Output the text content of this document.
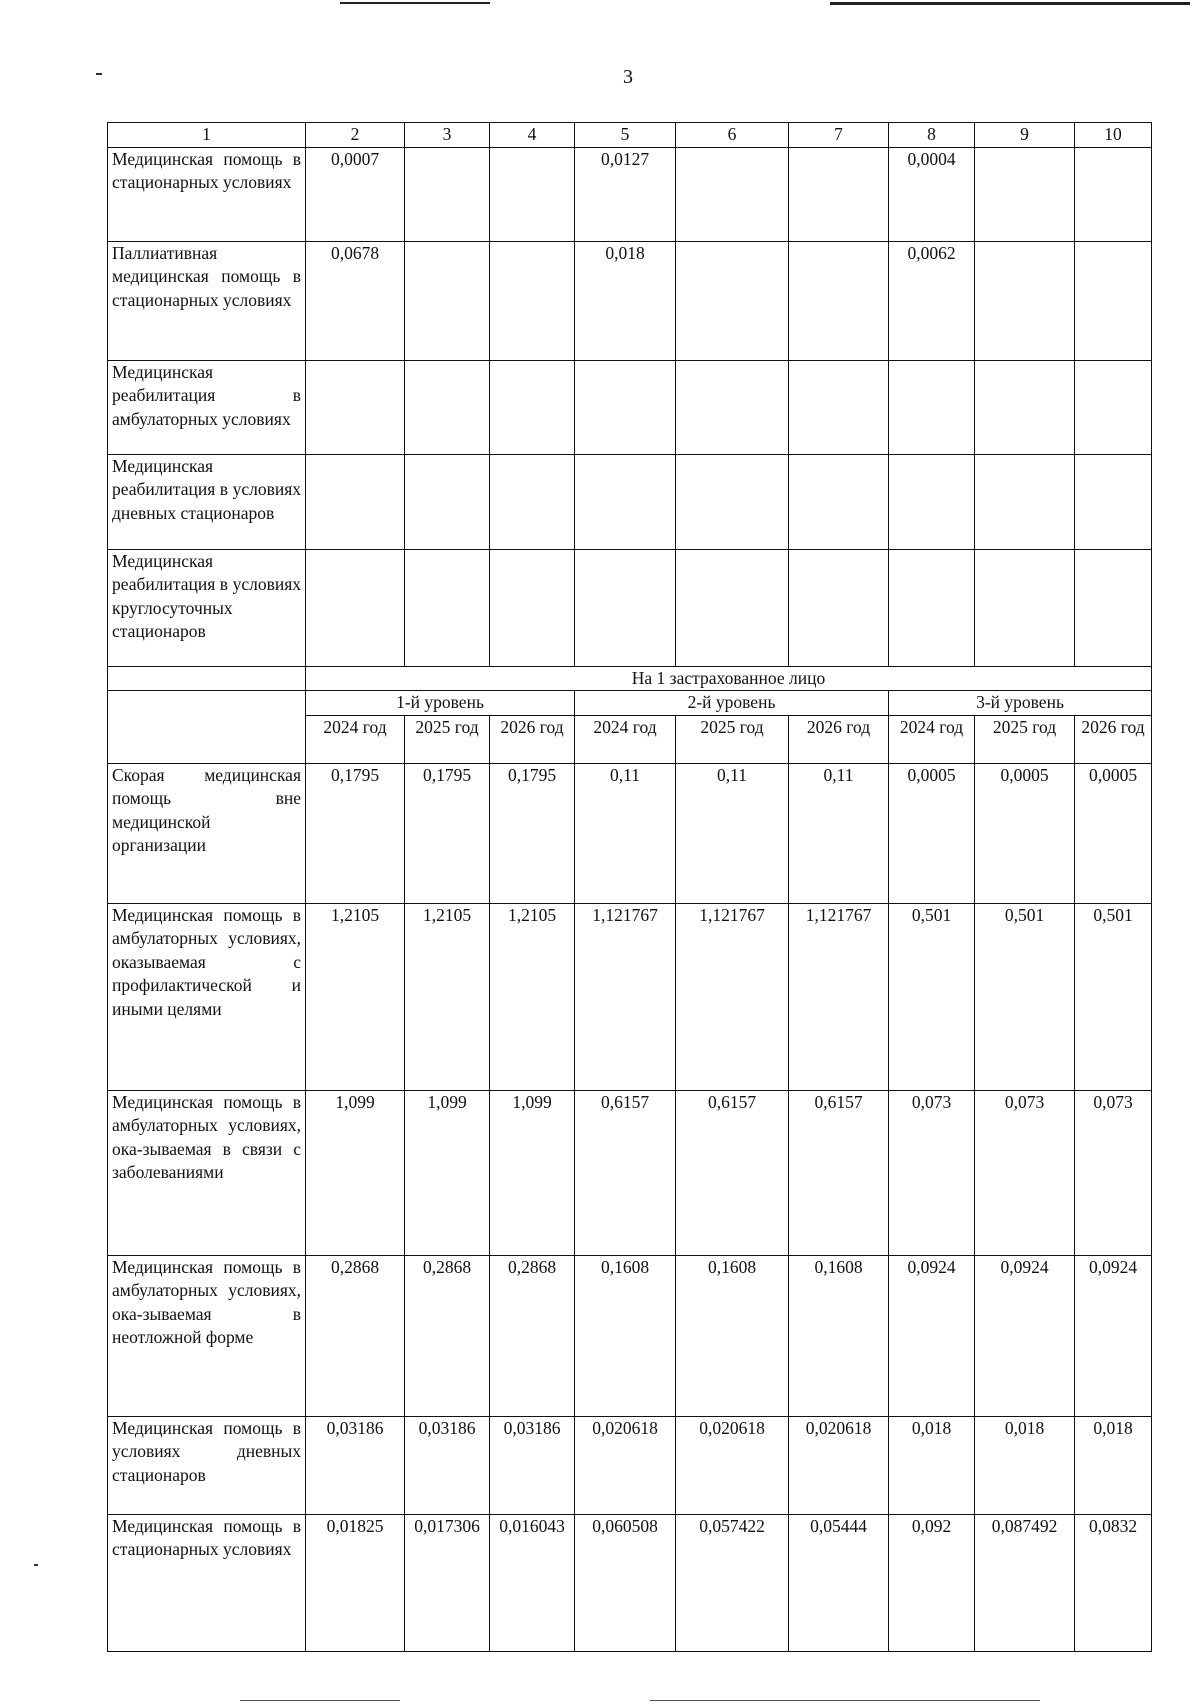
3
1	2	3	4	5	6	7	8	9	10
Медицинская помощь в стационарных условиях	0,0007			0,0127			0,0004		
Паллиативная медицинская помощь в стационарных условиях	0,0678			0,018			0,0062		
Медицинская реабилитация в амбулаторных условиях									
Медицинская реабилитация в условиях дневных стационаров									
Медицинская реабилитация в условиях круглосуточных стационаров									
	На 1 застрахованное лицо								
	1-й уровень			2-й уровень			3-й уровень		
	2024 год	2025 год	2026 год	2024 год	2025 год	2026 год	2024 год	2025 год	2026 год
Скорая медицинская помощь вне медицинской организации	0,1795	0,1795	0,1795	0,11	0,11	0,11	0,0005	0,0005	0,0005
Медицинская помощь в амбулаторных условиях, оказываемая с профилактической и иными целями	1,2105	1,2105	1,2105	1,121767	1,121767	1,121767	0,501	0,501	0,501
Медицинская помощь в амбулаторных условиях, ока-зываемая в связи с заболеваниями	1,099	1,099	1,099	0,6157	0,6157	0,6157	0,073	0,073	0,073
Медицинская помощь в амбулаторных условиях, ока-зываемая в неотложной форме	0,2868	0,2868	0,2868	0,1608	0,1608	0,1608	0,0924	0,0924	0,0924
Медицинская помощь в условиях дневных стационаров	0,03186	0,03186	0,03186	0,020618	0,020618	0,020618	0,018	0,018	0,018
Медицинская помощь в стационарных условиях	0,01825	0,017306	0,016043	0,060508	0,057422	0,05444	0,092	0,087492	0,0832
